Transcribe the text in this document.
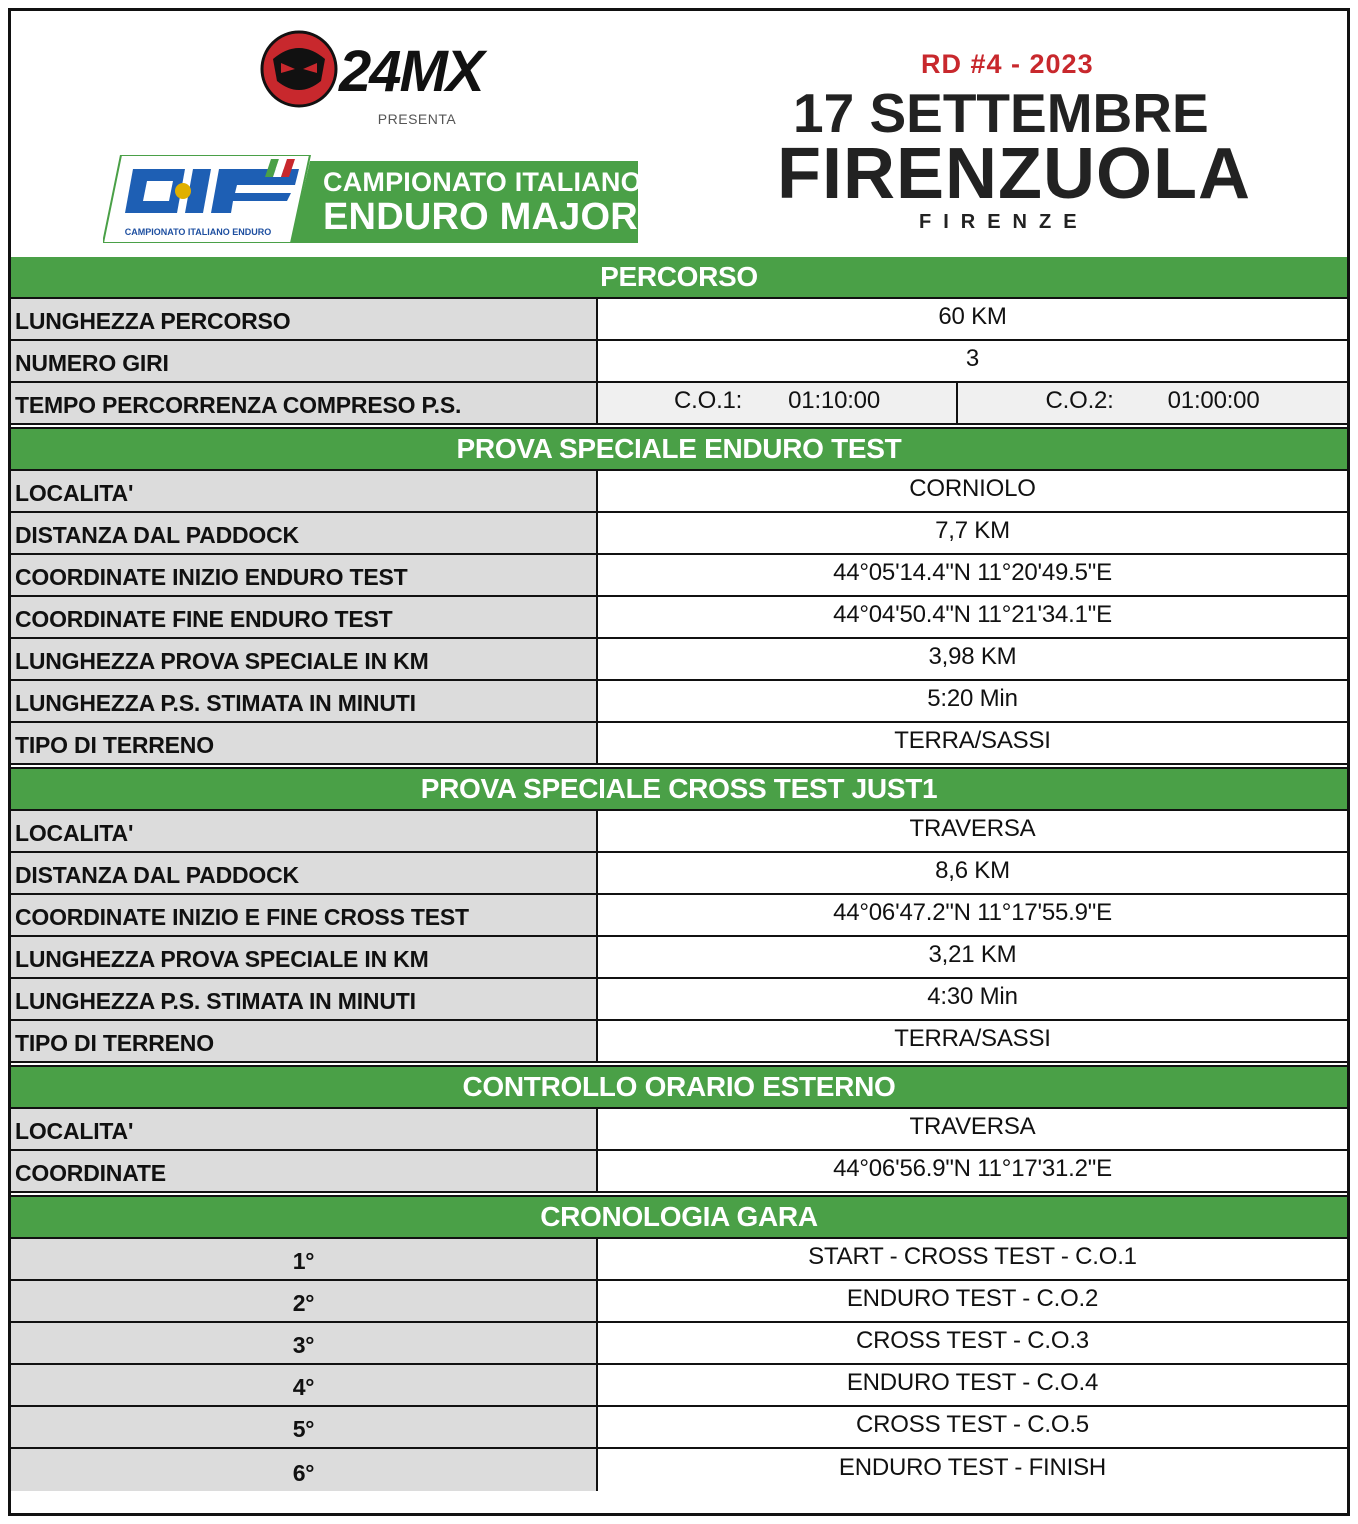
24MX
PRESENTA
CAMPIONATO ITALIANO ENDURO
CAMPIONATO ITALIANO
ENDURO MAJOR
RD #4 - 2023
17 SETTEMBRE
FIRENZUOLA
FIRENZE
PERCORSO
LUNGHEZZA PERCORSO	60 KM
NUMERO GIRI	3
TEMPO PERCORRENZA COMPRESO P.S.	C.O.1: 01:10:00	C.O.2: 01:00:00
PROVA SPECIALE ENDURO TEST
LOCALITA'	CORNIOLO
DISTANZA DAL PADDOCK	7,7 KM
COORDINATE INIZIO ENDURO TEST	44°05'14.4"N 11°20'49.5"E
COORDINATE FINE ENDURO TEST	44°04'50.4"N 11°21'34.1"E
LUNGHEZZA PROVA SPECIALE IN KM	3,98 KM
LUNGHEZZA P.S. STIMATA IN MINUTI	5:20 Min
TIPO DI TERRENO	TERRA/SASSI
PROVA SPECIALE CROSS TEST JUST1
LOCALITA'	TRAVERSA
DISTANZA DAL PADDOCK	8,6 KM
COORDINATE INIZIO E FINE CROSS TEST	44°06'47.2"N 11°17'55.9"E
LUNGHEZZA PROVA SPECIALE IN KM	3,21 KM
LUNGHEZZA P.S. STIMATA IN MINUTI	4:30 Min
TIPO DI TERRENO	TERRA/SASSI
CONTROLLO ORARIO ESTERNO
LOCALITA'	TRAVERSA
COORDINATE	44°06'56.9"N 11°17'31.2"E
CRONOLOGIA GARA
1°	START - CROSS TEST - C.O.1
2°	ENDURO TEST - C.O.2
3°	CROSS TEST - C.O.3
4°	ENDURO TEST - C.O.4
5°	CROSS TEST - C.O.5
6°	ENDURO TEST - FINISH
